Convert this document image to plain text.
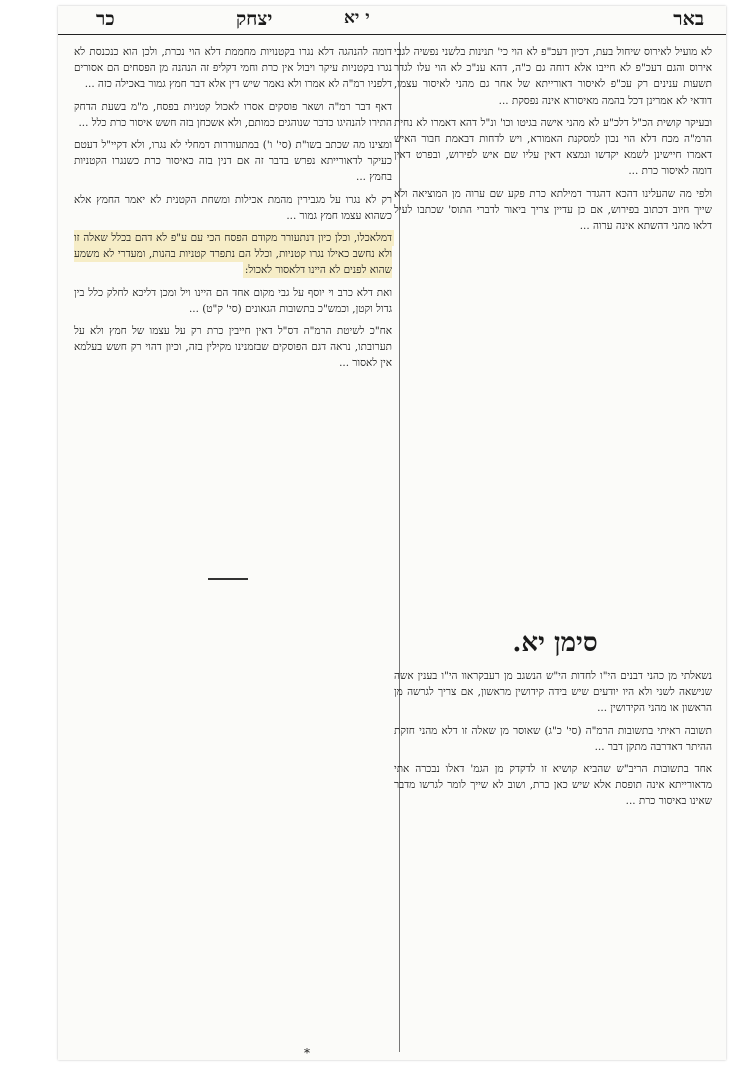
באר
י יא
יצחק
כר

לא מועיל לאירוס שיחול בעת, דכיון דעכ"פ לא הוי כי' תנינות בלשני נפשיה לגבי אירוס והגם דעכ"פ לא חייבו אלא דוחה גם כ"ה, דהא ענ"כ לא הוי עלו לגדר תשעות ענינים רק עכ"פ לאיסור דאורייתא של אחר גם מהני לאיסור עצמו, דודאי לא אמרינן דכל בהמה מאיסורא אינה נפסקת ...

ובעיקר קושית הכ"ל דלכ"ע לא מהני אישה בגיטו וכו' ונ"ל דהא דאמרו לא נחית הרמ"ה מכח דלא הוי נכון למסקנת האמורא, ויש לדחות דבאמת חבור האיש דאמרו חיישינן לשמא יקדשו ונמצא דאין עליו שם איש לפירוש, ובפרט דאין דומה לאיסור כרת ...

ולפי מה שהעלינו דהכא דהגדר דמילתא כרת פקע שם ערוה מן המוציאה ולא שייך חיוב דכתוב בפירוש, אם כן עדיין צריך ביאור לדברי התוס' שכתבו לעיל דלאו מהני דהשתא אינה ערוה ...

סימן יא.

נשאלתי מן כהני דבנים הי"ו לחדות הי"ש הנשגב מן רעבקראוו הי"ו בענין אשה שנישאה לשני ולא היו יודעים שיש בידה קידושין מראשון, אם צריך לגרשה מן הראשון או מהני הקידושין ...

תשובה ראיתי בתשובות הרמ"ה (סי' כ"ג) שאוסר מן שאלה זו דלא מהני חזקת ההיתר דאדרבה מתקן דבר ...

אחד בתשובות הריב"ש שהביא קושיא זו לדקדק מן הגמ' דאלו נבכרה אתי מדאורייתא אינה תופסת אלא שיש כאן כרת, ושוב לא שייך לומר לגרשו מדבר שאינו באיסור כרת ...

דומה להנהגה דלא נגרו בקטנויות מחממת דלא הוי נכרת, ולכן הוא כנכנסת לא נגרו בקטניות עיקר ויבול אין כרת וחמי דקליפ זה הנהנה מן הפסחים הם אסורים דלפניו רמ"ה לא אמרו ולא נאמר שיש דין אלא דבר חמץ גמור באכילה כזה ...

דאף דבר רמ"ה ושאר פוסקים אסרו לאכול קטניות בפסח, מ"מ בשעת הדחק התירו להנהיגו כדבר שנוהגים כמותם, ולא אשכחן בזה חשש איסור כרת כלל ...

ומצינו מה שכתב בשו"ת (סי' ו') במתעוררות דמחלי לא נגרו, ולא דקיי"ל דעטם כעיקר לדאורייתא נפרש בדבר זה אם דנין בזה כאיסור כרת כשנגרו הקטניות בחמץ ...

רק לא נגרו על מגבירין מהמת אכילות ומשחת הקטנית לא יאמר החמץ אלא כשהוא עצמו חמץ גמור ...

דמלאכלו, וכלן כיון דנתעורר מקודם הפסח הכי עם ע"פ לא דהם בכלל שאלה זו ולא נחשב כאילו נגרו קטניות, וכלל הם נתפרד קטניות בהנות, ומעדרי לא משמע שהוא לפנים לא היינו דלאסור לאכול:

ואת דלא כרב וי יוסף על גבי מקום אחד הם היינו ויל ומכן דליכא לחלק כלל בין גדול וקטן, וכמש"כ בתשובות הגאונים (סי' ק"ט) ...

אח"כ לשיטת הרמ"ה דס"ל דאין חייבין כרת רק על עצמו של חמץ ולא על תערובתו, נראה דגם הפוסקים שבזמנינו מקילין בזה, וכיון דהוי רק חשש בעלמא אין לאסור ...

*
